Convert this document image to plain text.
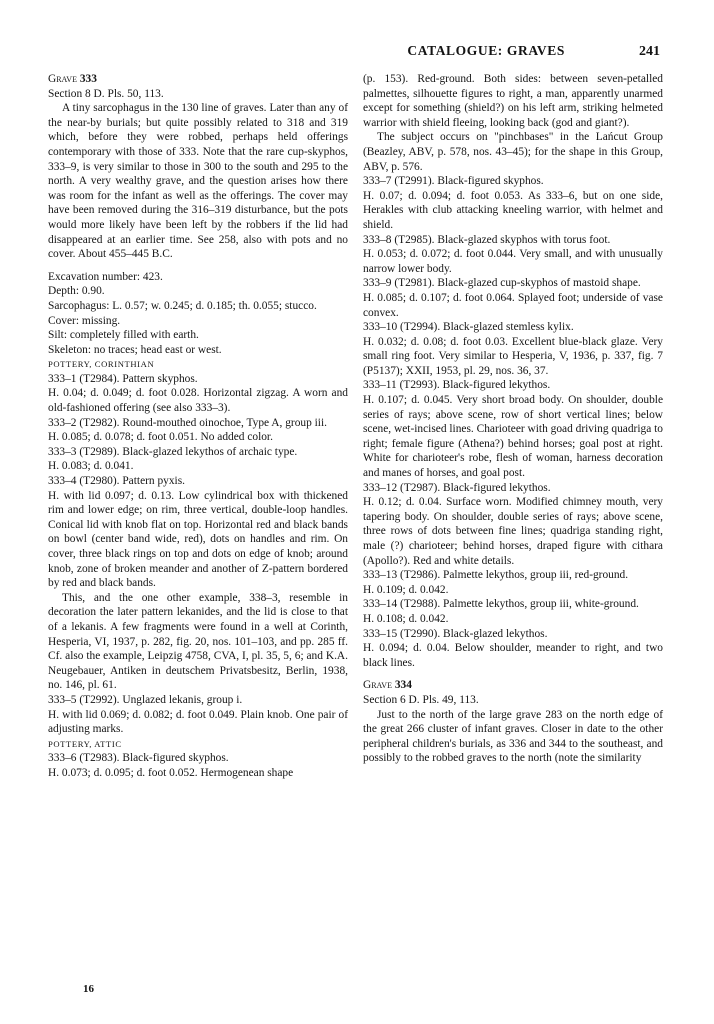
CATALOGUE: GRAVES	241

Grave 333

Section 8 D. Pls. 50, 113.

A tiny sarcophagus in the 130 line of graves. Later than any of the near-by burials; but quite possibly related to 318 and 319 which, before they were robbed, perhaps held offerings contemporary with those of 333. Note that the rare cup-skyphos, 333–9, is very similar to those in 300 to the south and 295 to the north. A very wealthy grave, and the question arises how there was room for the infant as well as the offerings. The cover may have been removed during the 316–319 disturbance, but the pots would more likely have been left by the robbers if the lid had disappeared at an earlier time. See 258, also with pots and no cover. About 455–445 B.C.

Excavation number: 423.

Depth: 0.90.

Sarcophagus: L. 0.57; w. 0.245; d. 0.185; th. 0.055; stucco.

Cover: missing.

Silt: completely filled with earth.

Skeleton: no traces; head east or west.

POTTERY, CORINTHIAN

333–1 (T2984). Pattern skyphos.

H. 0.04; d. 0.049; d. foot 0.028. Horizontal zigzag. A worn and old-fashioned offering (see also 333–3).

333–2 (T2982). Round-mouthed oinochoe, Type A, group iii.

H. 0.085; d. 0.078; d. foot 0.051. No added color.

333–3 (T2989). Black-glazed lekythos of archaic type.

H. 0.083; d. 0.041.

333–4 (T2980). Pattern pyxis.

H. with lid 0.097; d. 0.13. Low cylindrical box with thickened rim and lower edge; on rim, three vertical, double-loop handles. Conical lid with knob flat on top. Horizontal red and black bands on bowl (center band wide, red), dots on handles and rim. On cover, three black rings on top and dots on edge of knob; around knob, zone of broken meander and another of Z-pattern bordered by red and black bands.

This, and the one other example, 338–3, resemble in decoration the later pattern lekanides, and the lid is close to that of a lekanis. A few fragments were found in a well at Corinth, Hesperia, VI, 1937, p. 282, fig. 20, nos. 101–103, and pp. 285 ff. Cf. also the example, Leipzig 4758, CVA, I, pl. 35, 5, 6; and K.A. Neugebauer, Antiken in deutschem Privatsbesitz, Berlin, 1938, no. 146, pl. 61.

333–5 (T2992). Unglazed lekanis, group i.

H. with lid 0.069; d. 0.082; d. foot 0.049. Plain knob. One pair of adjusting marks.

POTTERY, ATTIC

333–6 (T2983). Black-figured skyphos.

H. 0.073; d. 0.095; d. foot 0.052. Hermogenean shape

(p. 153). Red-ground. Both sides: between seven-petalled palmettes, silhouette figures to right, a man, apparently unarmed except for something (shield?) on his left arm, striking helmeted warrior with shield fleeing, looking back (god and giant?).

The subject occurs on "pinchbases" in the Lańcut Group (Beazley, ABV, p. 578, nos. 43–45); for the shape in this Group, ABV, p. 576.

333–7 (T2991). Black-figured skyphos.

H. 0.07; d. 0.094; d. foot 0.053. As 333–6, but on one side, Herakles with club attacking kneeling warrior, with helmet and shield.

333–8 (T2985). Black-glazed skyphos with torus foot.

H. 0.053; d. 0.072; d. foot 0.044. Very small, and with unusually narrow lower body.

333–9 (T2981). Black-glazed cup-skyphos of mastoid shape.

H. 0.085; d. 0.107; d. foot 0.064. Splayed foot; underside of vase convex.

333–10 (T2994). Black-glazed stemless kylix.

H. 0.032; d. 0.08; d. foot 0.03. Excellent blue-black glaze. Very small ring foot. Very similar to Hesperia, V, 1936, p. 337, fig. 7 (P5137); XXII, 1953, pl. 29, nos. 36, 37.

333–11 (T2993). Black-figured lekythos.

H. 0.107; d. 0.045. Very short broad body. On shoulder, double series of rays; above scene, row of short vertical lines; below scene, wet-incised lines. Charioteer with goad driving quadriga to right; female figure (Athena?) behind horses; goal post at right. White for charioteer's robe, flesh of woman, harness decoration and manes of horses, and goal post.

333–12 (T2987). Black-figured lekythos.

H. 0.12; d. 0.04. Surface worn. Modified chimney mouth, very tapering body. On shoulder, double series of rays; above scene, three rows of dots between fine lines; quadriga standing right, male (?) charioteer; behind horses, draped figure with cithara (Apollo?). Red and white details.

333–13 (T2986). Palmette lekythos, group iii, red-ground.

H. 0.109; d. 0.042.

333–14 (T2988). Palmette lekythos, group iii, white-ground.

H. 0.108; d. 0.042.

333–15 (T2990). Black-glazed lekythos.

H. 0.094; d. 0.04. Below shoulder, meander to right, and two black lines.

Grave 334

Section 6 D. Pls. 49, 113.

Just to the north of the large grave 283 on the north edge of the great 266 cluster of infant graves. Closer in date to the other peripheral children's burials, as 336 and 344 to the southeast, and possibly to the robbed graves to the north (note the similarity

16
